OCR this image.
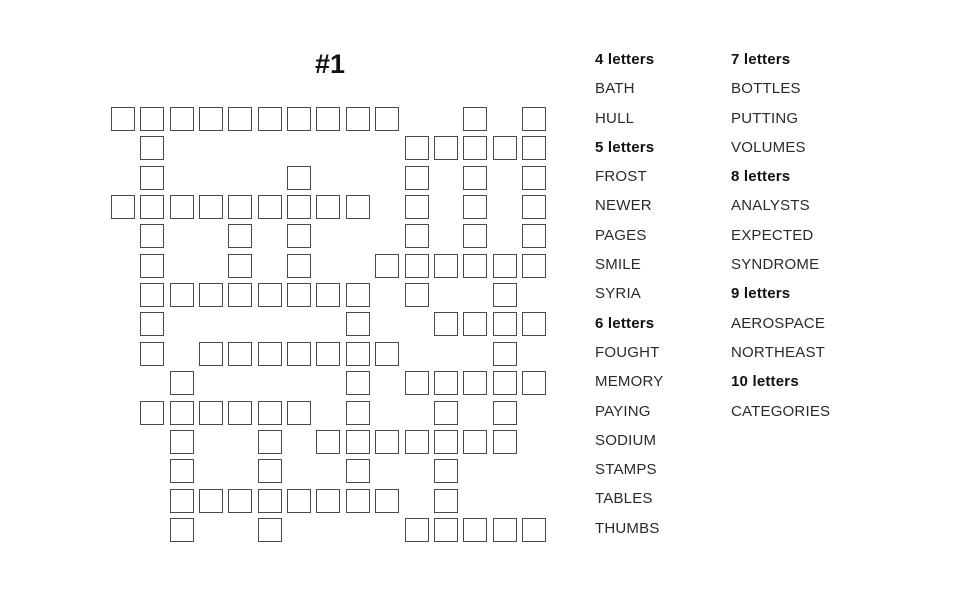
#1	4 letters
BATH
HULL
5 letters
FROST
NEWER
PAGES
SMILE
SYRIA
6 letters
FOUGHT
MEMORY
PAYING
SODIUM
STAMPS
TABLES
THUMBS
7 letters
BOTTLES
PUTTING
VOLUMES
8 letters
ANALYSTS
EXPECTED
SYNDROME
9 letters
AEROSPACE
NORTHEAST
10 letters
CATEGORIES
